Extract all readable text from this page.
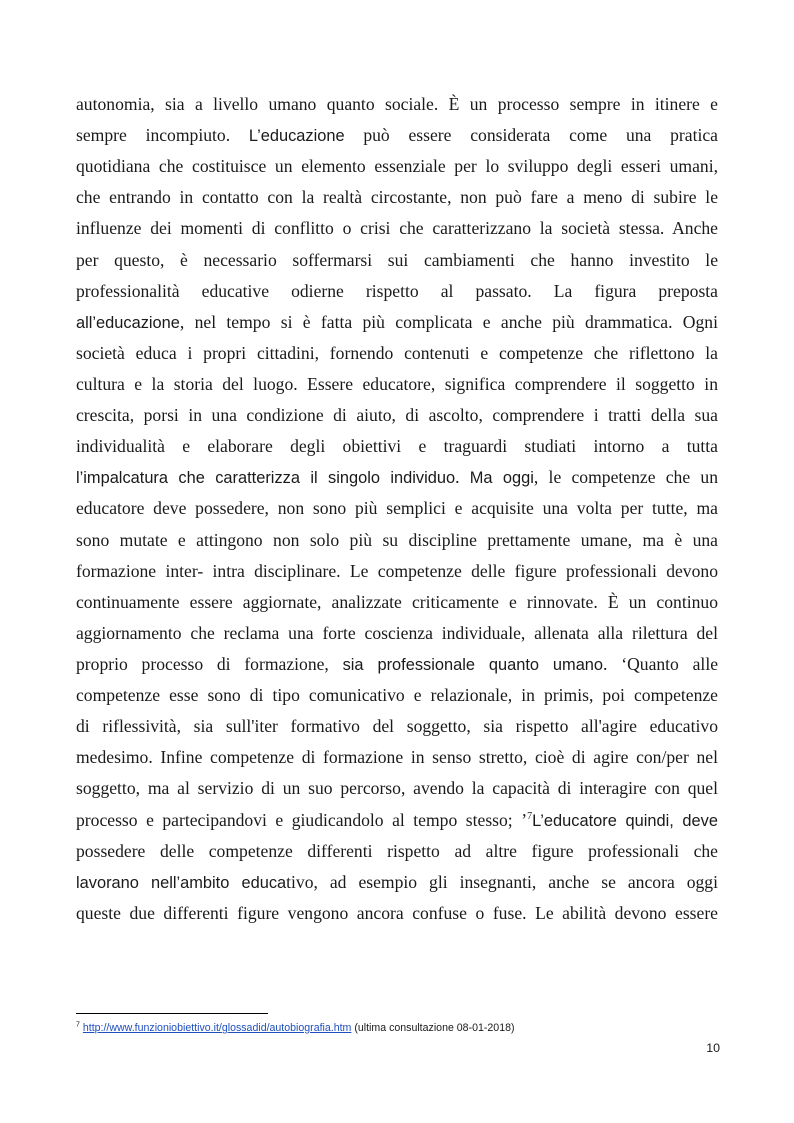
autonomia, sia a livello umano quanto sociale. È un processo sempre in itinere e
sempre incompiuto. L’educazione può essere considerata come una pratica
quotidiana che costituisce un elemento essenziale per lo sviluppo degli esseri umani,
che entrando in contatto con la realtà circostante, non può fare a meno di subire le
influenze dei momenti di conflitto o crisi che caratterizzano la società stessa. Anche
per questo, è necessario soffermarsi sui cambiamenti che hanno investito le
professionalità educative odierne rispetto al passato. La figura preposta
all’educazione, nel tempo si è fatta più complicata e anche più drammatica. Ogni
società educa i propri cittadini, fornendo contenuti e competenze che riflettono la
cultura e la storia del luogo. Essere educatore, significa comprendere il soggetto in
crescita, porsi in una condizione di aiuto, di ascolto, comprendere i tratti della sua
individualità e elaborare degli obiettivi e traguardi studiati intorno a tutta
l’impalcatura che caratterizza il singolo individuo. Ma oggi, le competenze che un
educatore deve possedere, non sono più semplici e acquisite una volta per tutte, ma
sono mutate e attingono non solo più su discipline prettamente umane, ma è una
formazione inter- intra disciplinare. Le competenze delle figure professionali devono
continuamente essere aggiornate, analizzate criticamente e rinnovate. È un continuo
aggiornamento che reclama una forte coscienza individuale, allenata alla rilettura del
proprio processo di formazione, sia professionale quanto umano. ‘Quanto alle
competenze esse sono di tipo comunicativo e relazionale, in primis, poi competenze
di riflessività, sia sull'iter formativo del soggetto, sia rispetto all'agire educativo
medesimo. Infine competenze di formazione in senso stretto, cioè di agire con/per nel
soggetto, ma al servizio di un suo percorso, avendo la capacità di interagire con quel
processo e partecipandovi e giudicandolo al tempo stesso; ’$^7$L’educatore quindi, deve
possedere delle competenze differenti rispetto ad altre figure professionali che
lavorano nell’ambito educativo, ad esempio gli insegnanti, anche se ancora oggi
queste due differenti figure vengono ancora confuse o fuse. Le abilità devono essere
$^7$ http://www.funzioniobiettivo.it/glossadid/autobiografia.htm (ultima consultazione 08-01-2018)
10
